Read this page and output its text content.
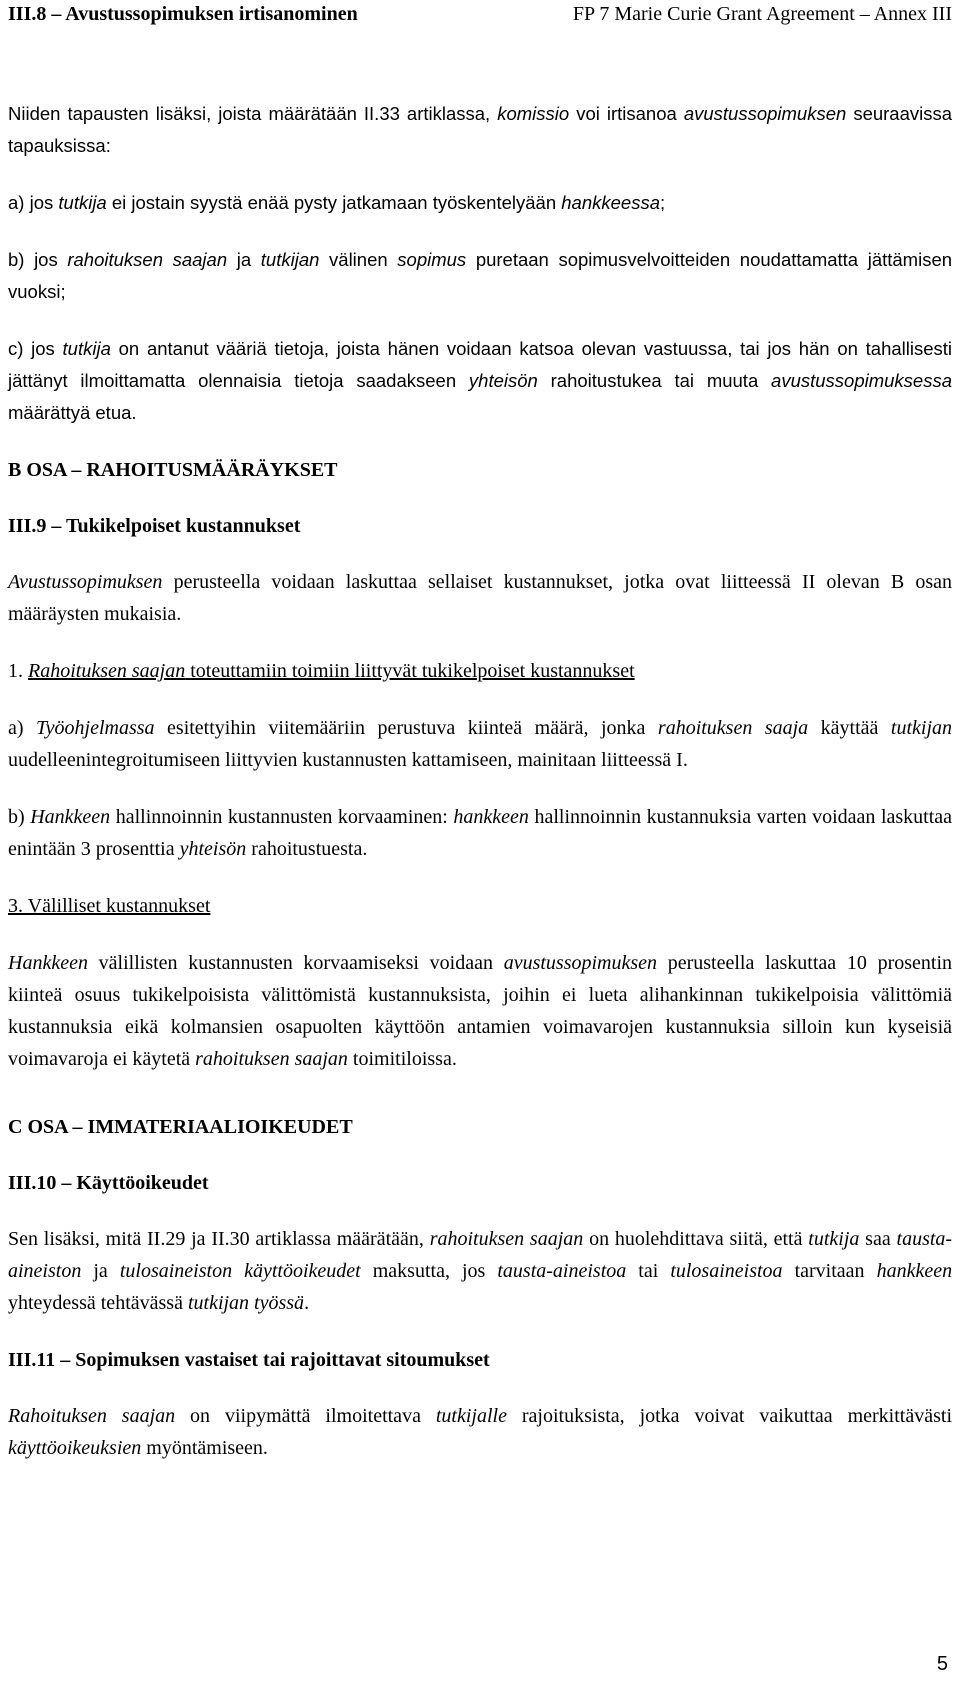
III.8 – Avustussopimuksen irtisanominen	FP 7 Marie Curie Grant Agreement – Annex III

Niiden tapausten lisäksi, joista määrätään II.33 artiklassa, komissio voi irtisanoa avustussopimuksen seuraavissa tapauksissa:

a) jos tutkija ei jostain syystä enää pysty jatkamaan työskentelyään hankkeessa;

b) jos rahoituksen saajan ja tutkijan välinen sopimus puretaan sopimusvelvoitteiden noudattamatta jättämisen vuoksi;

c) jos tutkija on antanut vääriä tietoja, joista hänen voidaan katsoa olevan vastuussa, tai jos hän on tahallisesti jättänyt ilmoittamatta olennaisia tietoja saadakseen yhteisön rahoitustukea tai muuta avustussopimuksessa määrättyä etua.

B OSA – RAHOITUSMÄÄRÄYKSET
III.9 – Tukikelpoiset kustannukset

Avustussopimuksen perusteella voidaan laskuttaa sellaiset kustannukset, jotka ovat liitteessä II olevan B osan määräysten mukaisia.

1. Rahoituksen saajan toteuttamiin toimiin liittyvät tukikelpoiset kustannukset

a) Työohjelmassa esitettyihin viitemääriin perustuva kiinteä määrä, jonka rahoituksen saaja käyttää tutkijan uudelleenintegroitumiseen liittyvien kustannusten kattamiseen, mainitaan liitteessä I.

b) Hankkeen hallinnoinnin kustannusten korvaaminen: hankkeen hallinnoinnin kustannuksia varten voidaan laskuttaa enintään 3 prosenttia yhteisön rahoitustuesta.

3. Välilliset kustannukset

Hankkeen välillisten kustannusten korvaamiseksi voidaan avustussopimuksen perusteella laskuttaa 10 prosentin kiinteä osuus tukikelpoisista välittömistä kustannuksista, joihin ei lueta alihankinnan tukikelpoisia välittömiä kustannuksia eikä kolmansien osapuolten käyttöön antamien voimavarojen kustannuksia silloin kun kyseisiä voimavaroja ei käytetä rahoituksen saajan toimitiloissa.

C OSA – IMMATERIAALIOIKEUDET
III.10 – Käyttöoikeudet

Sen lisäksi, mitä II.29 ja II.30 artiklassa määrätään, rahoituksen saajan on huolehdittava siitä, että tutkija saa tausta-aineiston ja tulosaineiston käyttöoikeudet maksutta, jos tausta-aineistoa tai tulosaineistoa tarvitaan hankkeen yhteydessä tehtävässä tutkijan työssä.

III.11 – Sopimuksen vastaiset tai rajoittavat sitoumukset

Rahoituksen saajan on viipymättä ilmoitettava tutkijalle rajoituksista, jotka voivat vaikuttaa merkittävästi käyttöoikeuksien myöntämiseen.

5
